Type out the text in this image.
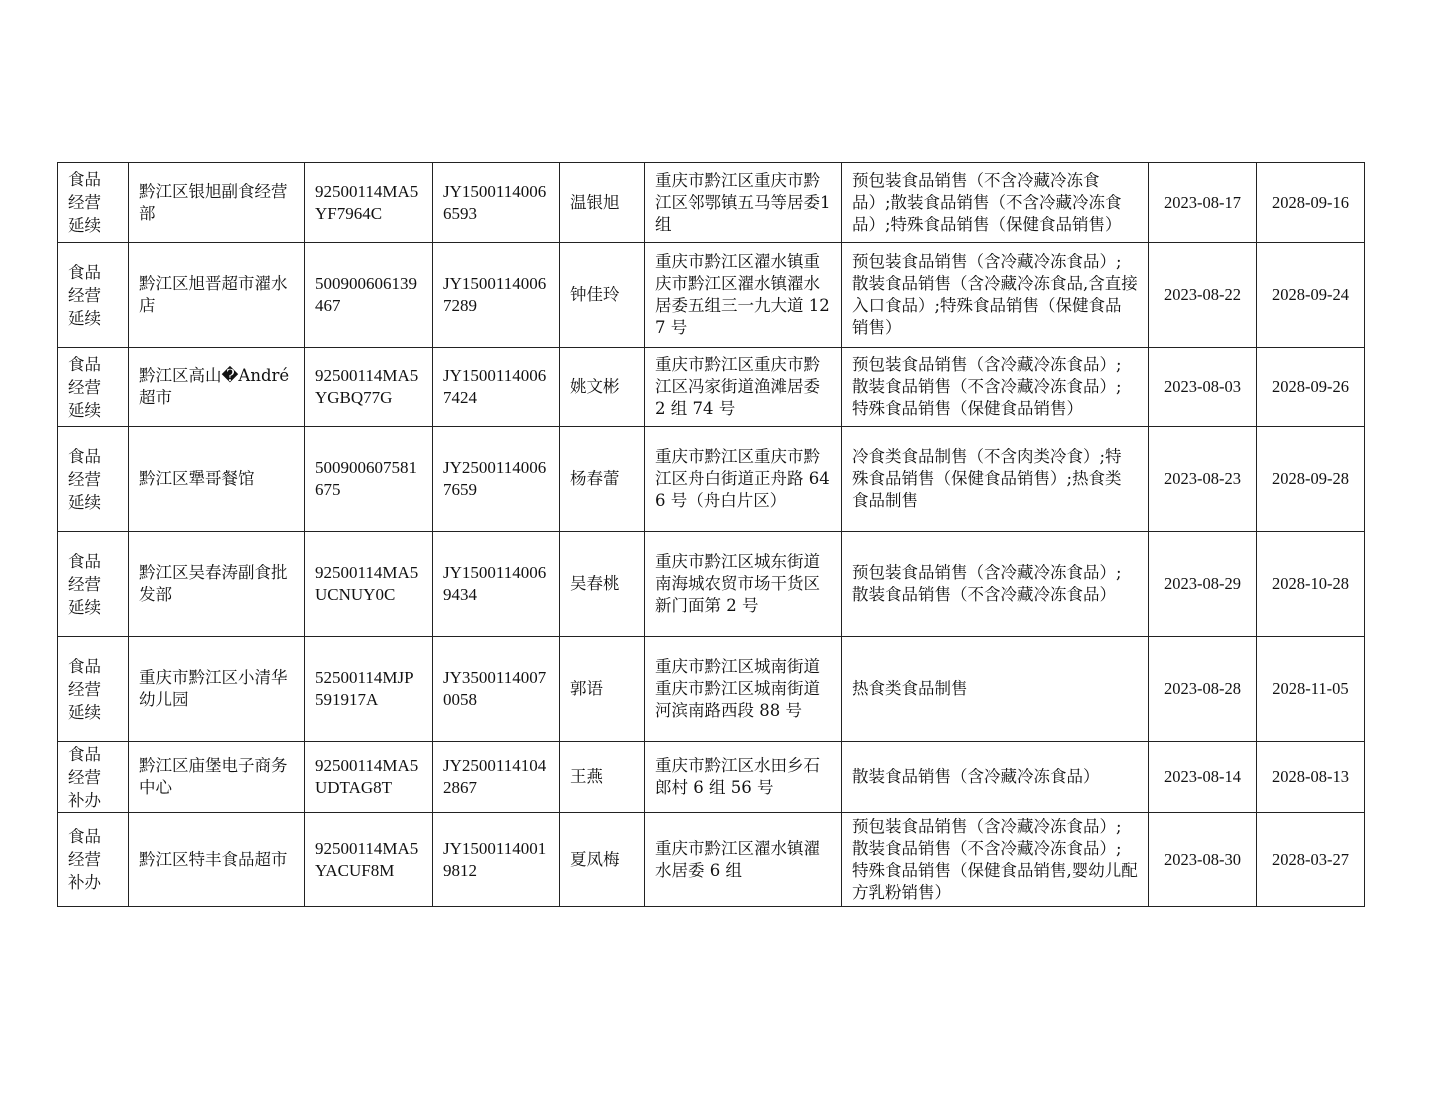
食品
经营
延续	黔江区银旭副食经营部	92500114MA5YF7964C	JY15001140066593	温银旭	重庆市黔江区重庆市黔江区邻鄂镇五马等居委1组	预包装食品销售（不含冷藏冷冻食品）;散装食品销售（不含冷藏冷冻食品）;特殊食品销售（保健食品销售）	2023-08-17	2028-09-16

食品
经营
延续	黔江区旭晋超市濯水店	500900606139467	JY15001140067289	钟佳玲	重庆市黔江区濯水镇重庆市黔江区濯水镇濯水居委五组三一九大道 127 号	预包装食品销售（含冷藏冷冻食品）;散装食品销售（含冷藏冷冻食品,含直接入口食品）;特殊食品销售（保健食品销售）	2023-08-22	2028-09-24

食品
经营
延续	黔江区高山�André超市	92500114MA5YGBQ77G	JY15001140067424	姚文彬	重庆市黔江区重庆市黔江区冯家街道渔滩居委 2 组 74 号	预包装食品销售（含冷藏冷冻食品）;散装食品销售（不含冷藏冷冻食品）;特殊食品销售（保健食品销售）	2023-08-03	2028-09-26

食品
经营
延续	黔江区犟哥餐馆	500900607581675	JY25001140067659	杨春蕾	重庆市黔江区重庆市黔江区舟白街道正舟路 646 号（舟白片区）	冷食类食品制售（不含肉类冷食）;特殊食品销售（保健食品销售）;热食类食品制售	2023-08-23	2028-09-28

食品
经营
延续	黔江区吴春涛副食批发部	92500114MA5UCNUY0C	JY15001140069434	吴春桃	重庆市黔江区城东街道南海城农贸市场干货区新门面第 2 号	预包装食品销售（含冷藏冷冻食品）;散装食品销售（不含冷藏冷冻食品）	2023-08-29	2028-10-28

食品
经营
延续	重庆市黔江区小清华幼儿园	52500114MJP591917A	JY35001140070058	郭语	重庆市黔江区城南街道重庆市黔江区城南街道河滨南路西段 88 号	热食类食品制售	2023-08-28	2028-11-05

食品
经营
补办	黔江区庙堡电子商务中心	92500114MA5UDTAG8T	JY25001141042867	王燕	重庆市黔江区水田乡石郎村 6 组 56 号	散装食品销售（含冷藏冷冻食品）	2023-08-14	2028-08-13

食品
经营
补办	黔江区特丰食品超市	92500114MA5YACUF8M	JY15001140019812	夏凤梅	重庆市黔江区濯水镇濯水居委 6 组	预包装食品销售（含冷藏冷冻食品）;散装食品销售（不含冷藏冷冻食品）;特殊食品销售（保健食品销售,婴幼儿配方乳粉销售）	2023-08-30	2028-03-27
